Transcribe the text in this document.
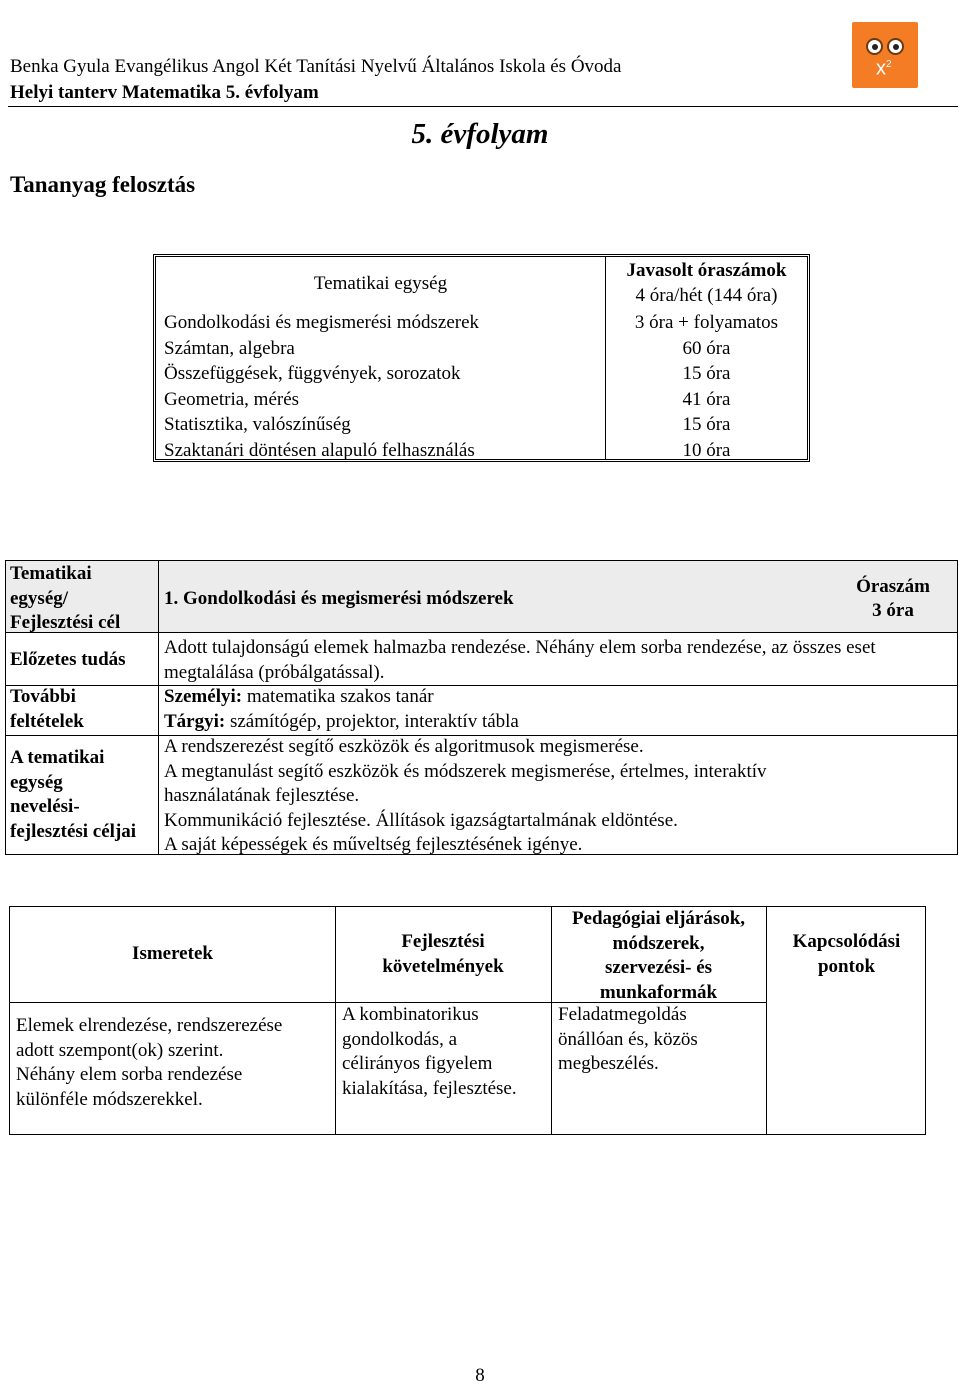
Benka Gyula Evangélikus Angol Két Tanítási Nyelvű Általános Iskola és Óvoda
Helyi tanterv Matematika 5. évfolyam
$x^2$
5. évfolyam
Tananyag felosztás
Tematikai egység
Gondolkodási és megismerési módszerek
Számtan, algebra
Összefüggések, függvények, sorozatok
Geometria, mérés
Statisztika, valószínűség
Szaktanári döntésen alapuló felhasználás
Javasolt óraszámok
4 óra/hét (144 óra)
3 óra + folyamatos
60 óra
15 óra
41 óra
15 óra
10 óra
Tematikai
egység/
Fejlesztési cél
1. Gondolkodási és megismerési módszerek
Óraszám
3 óra
Előzetes tudás
Adott tulajdonságú elemek halmazba rendezése. Néhány elem sorba rendezése, az összes eset
megtalálása (próbálgatással).
További
feltételek
Személyi: matematika szakos tanár
Tárgyi: számítógép, projektor, interaktív tábla
A tematikai
egység
nevelési-
fejlesztési céljai
A rendszerezést segítő eszközök és algoritmusok megismerése.
A megtanulást segítő eszközök és módszerek megismerése, értelmes, interaktív
használatának fejlesztése.
Kommunikáció fejlesztése. Állítások igazságtartalmának eldöntése.
A saját képességek és műveltség fejlesztésének igénye.
Ismeretek
Fejlesztési
követelmények
Pedagógiai eljárások,
módszerek,
szervezési- és
munkaformák
Kapcsolódási
pontok
Elemek elrendezése, rendszerezése
adott szempont(ok) szerint.
Néhány elem sorba rendezése
különféle módszerekkel.
A kombinatorikus
gondolkodás, a
célirányos figyelem
kialakítása, fejlesztése.
Feladatmegoldás
önállóan és, közös
megbeszélés.
8
